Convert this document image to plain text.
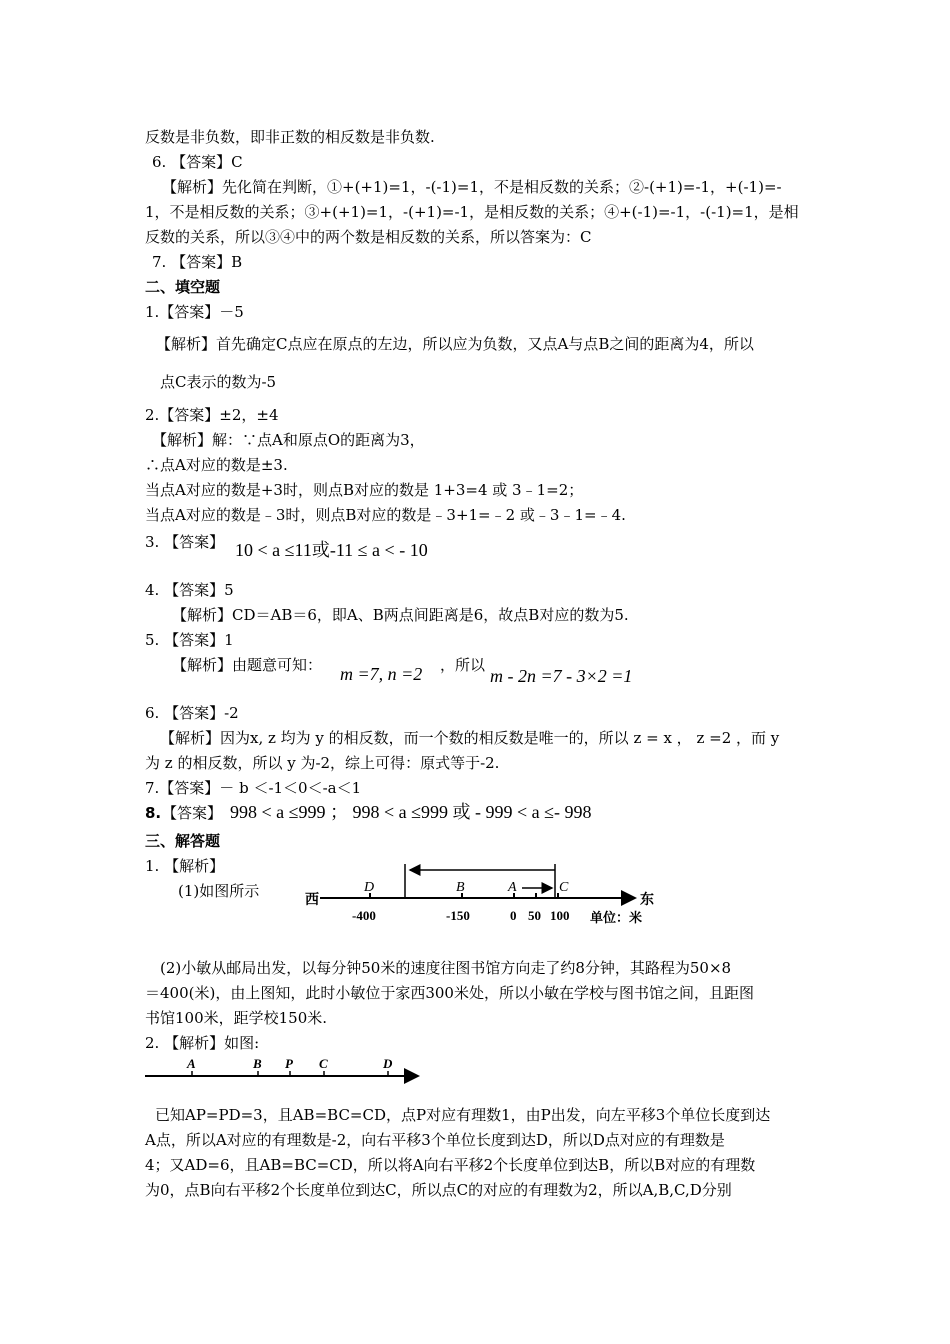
反数是非负数，即非正数的相反数是非负数.
6. 【答案】C
【解析】先化简在判断，①+(+1)=1，-(-1)=1，不是相反数的关系；②-(+1)=-1，+(-1)=-
1，不是相反数的关系；③+(+1)=1，-(+1)=-1，是相反数的关系；④+(-1)=-1，-(-1)=1，是相
反数的关系，所以③④中的两个数是相反数的关系，所以答案为：C
7. 【答案】B
二、填空题
1.【答案】－5
【解析】首先确定C点应在原点的左边，所以应为负数，又点A与点B之间的距离为4，所以
点C表示的数为-5
2.【答案】±2，±4
【解析】解：∵点A和原点O的距离为3，
∴点A对应的数是±3.
当点A对应的数是+3时，则点B对应的数是 1+3=4 或 3﹣1=2；
当点A对应的数是﹣3时，则点B对应的数是﹣3+1=﹣2 或﹣3﹣1=﹣4.
3. 【答案】 10 < a ≤11或-11 ≤ a < - 10
4. 【答案】5
【解析】CD＝AB＝6，即A、B两点间距离是6，故点B对应的数为5.
5. 【答案】1
【解析】由题意可知： m =7, n =2 ，所以
m - 2n =7 - 3×2 =1
6. 【答案】-2
【解析】因为x, z 均为 y 的相反数，而一个数的相反数是唯一的，所以 z = x ， z =2 ，而 y
为 z 的相反数，所以 y 为-2，综上可得：原式等于-2.
7.【答案】－ b ＜-1＜0＜-a＜1
8. 【答案】 998 < a ≤999 ； 998 < a ≤999 或 - 999 < a ≤- 998
三、解答题
1. 【解析】
(1)如图所示
西	东
D	B	A	C
-400	-150	0 50 100 单位：米
(2)小敏从邮局出发，以每分钟50米的速度往图书馆方向走了约8分钟，其路程为50×8
＝400(米)，由上图知，此时小敏位于家西300米处，所以小敏在学校与图书馆之间，且距图
书馆100米，距学校150米.
2. 【解析】如图:
A	B P C	D
已知AP=PD=3，且AB=BC=CD，点P对应有理数1，由P出发，向左平移3个单位长度到达
A点，所以A对应的有理数是-2，向右平移3个单位长度到达D，所以D点对应的有理数是
4；又AD=6，且AB=BC=CD，所以将A向右平移2个长度单位到达B，所以B对应的有理数
为0，点B向右平移2个长度单位到达C，所以点C的对应的有理数为2，所以A,B,C,D分别
